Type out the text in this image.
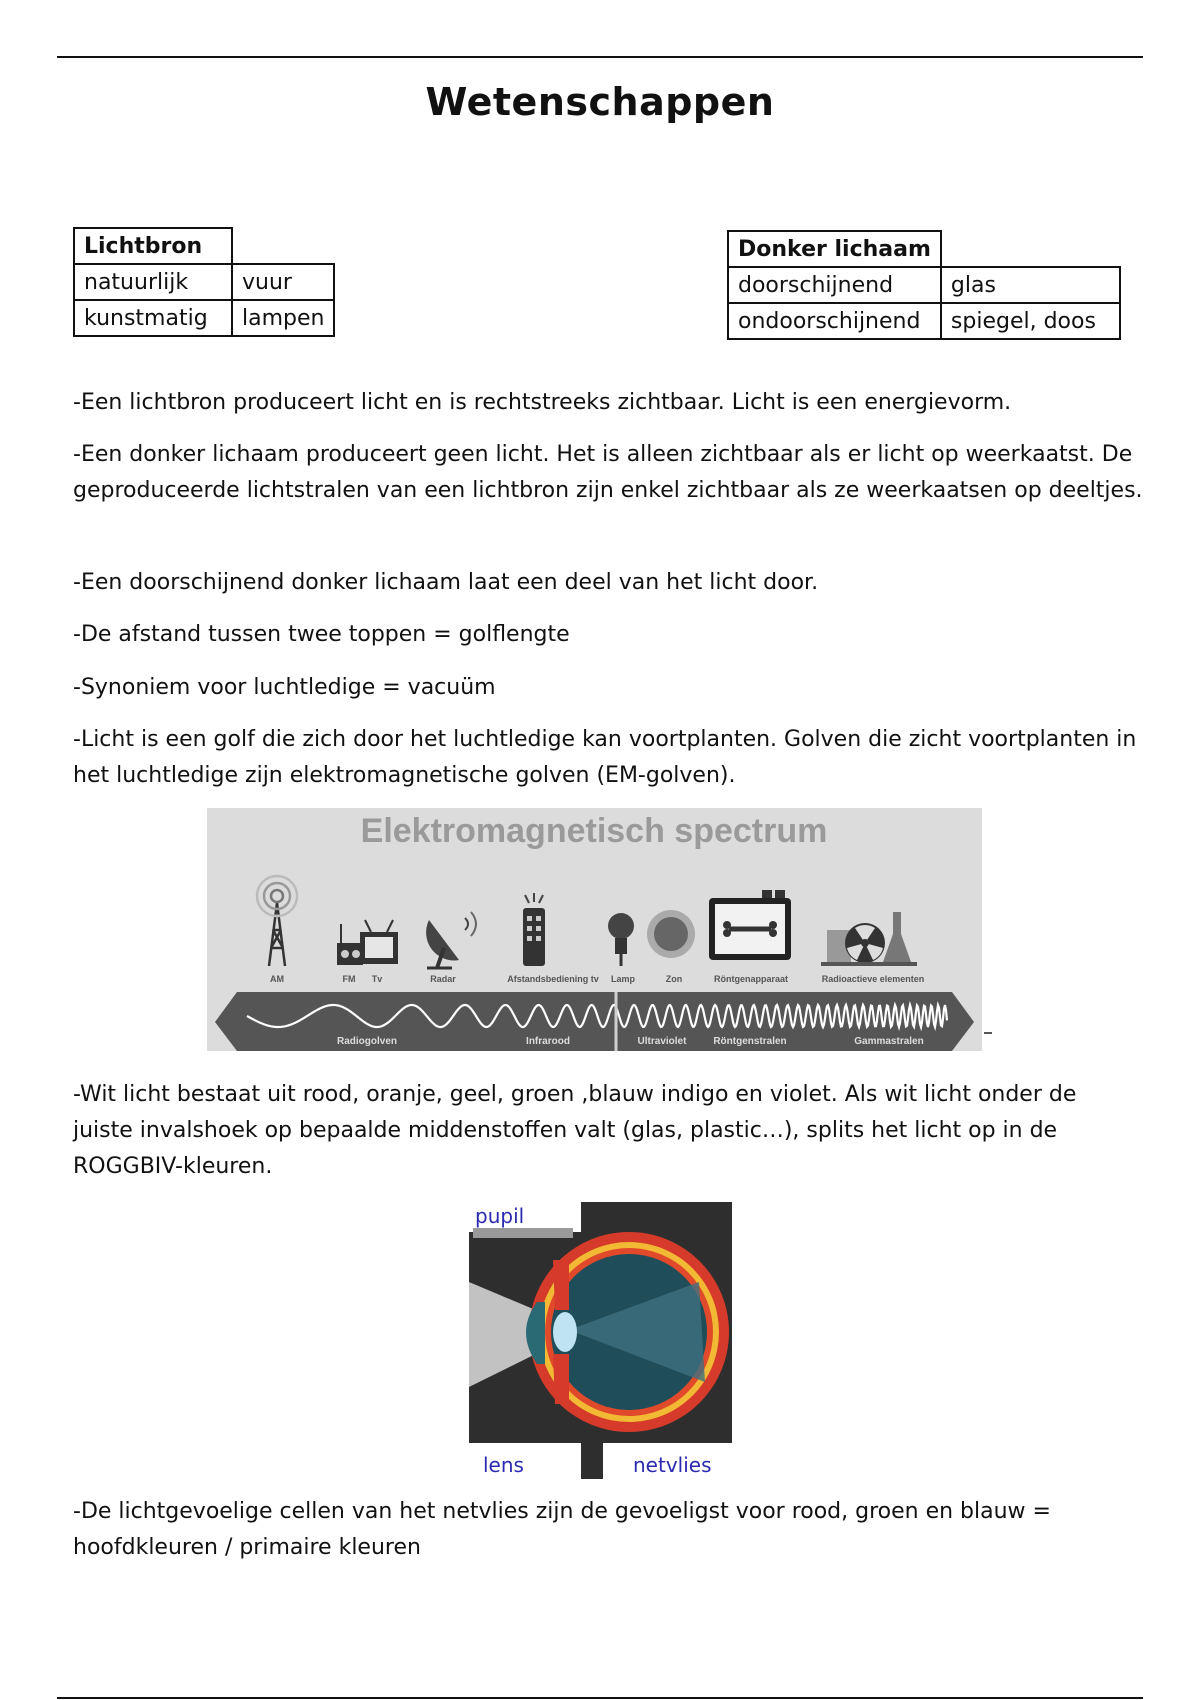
Wetenschappen
Lichtbron	
natuurlijk	vuur
kunstmatig	lampen
Donker lichaam	
doorschijnend	glas
ondoorschijnend	spiegel, doos
-Een lichtbron produceert licht en is rechtstreeks zichtbaar. Licht is een energievorm.
-Een donker lichaam produceert geen licht. Het is alleen zichtbaar als er licht op weerkaatst. De geproduceerde lichtstralen van een lichtbron zijn enkel zichtbaar als ze weerkaatsen op deeltjes.
-Een doorschijnend donker lichaam laat een deel van het licht door.
-De afstand tussen twee toppen = golflengte
-Synoniem voor luchtledige = vacuüm
-Licht is een golf die zich door het luchtledige kan voortplanten. Golven die zicht voortplanten in het luchtledige zijn elektromagnetische golven (EM-golven).
Elektromagnetisch spectrum
AM	FM Tv	Radar	Afstandsbediening tv Lamp	Zon	Röntgenapparaat	Radioactieve elementen
Radiogolven	Infrarood	Ultraviolet	Röntgenstralen	Gammastralen
-Wit licht bestaat uit rood, oranje, geel, groen ,blauw indigo en violet. Als wit licht onder de juiste invalshoek op bepaalde middenstoffen valt (glas, plastic…), splits het licht op in de ROGGBIV-kleuren.
pupil
lens	netvlies
-De lichtgevoelige cellen van het netvlies zijn de gevoeligst voor rood, groen en blauw = hoofdkleuren / primaire kleuren
